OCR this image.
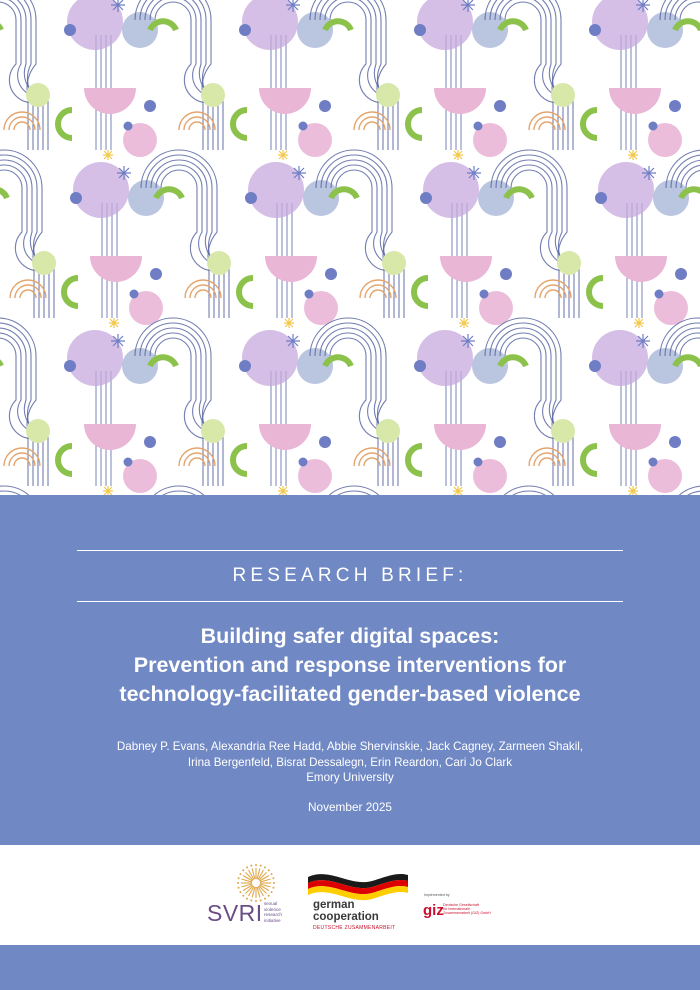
RESEARCH BRIEF:
Building safer digital spaces:
Prevention and response interventions for
technology-facilitated gender-based violence
Dabney P. Evans, Alexandria Ree Hadd, Abbie Shervinskie, Jack Cagney, Zarmeen Shakil,
Irina Bergenfeld, Bisrat Dessalegn, Erin Reardon, Cari Jo Clark
Emory University
November 2025
SVRI sexual
violence
research
initiative
german
cooperation
DEUTSCHE ZUSAMMENARBEIT
Implemented by
giz Deutsche Gesellschaft
für Internationale
Zusammenarbeit (GIZ) GmbH
